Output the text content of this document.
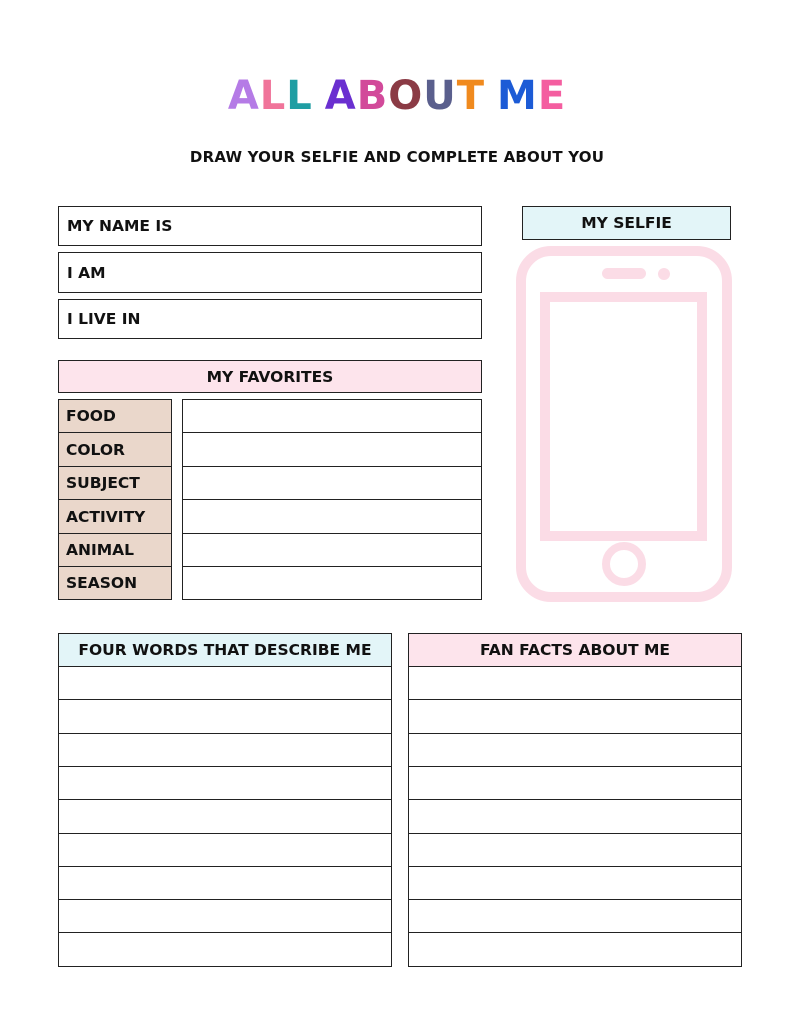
ALL ABOUT ME
DRAW YOUR SELFIE AND COMPLETE ABOUT YOU
MY NAME IS
I AM
I LIVE IN
MY SELFIE
MY FAVORITES
FOOD
COLOR
SUBJECT
ACTIVITY
ANIMAL
SEASON
FOUR WORDS THAT DESCRIBE ME	FAN FACTS ABOUT ME
